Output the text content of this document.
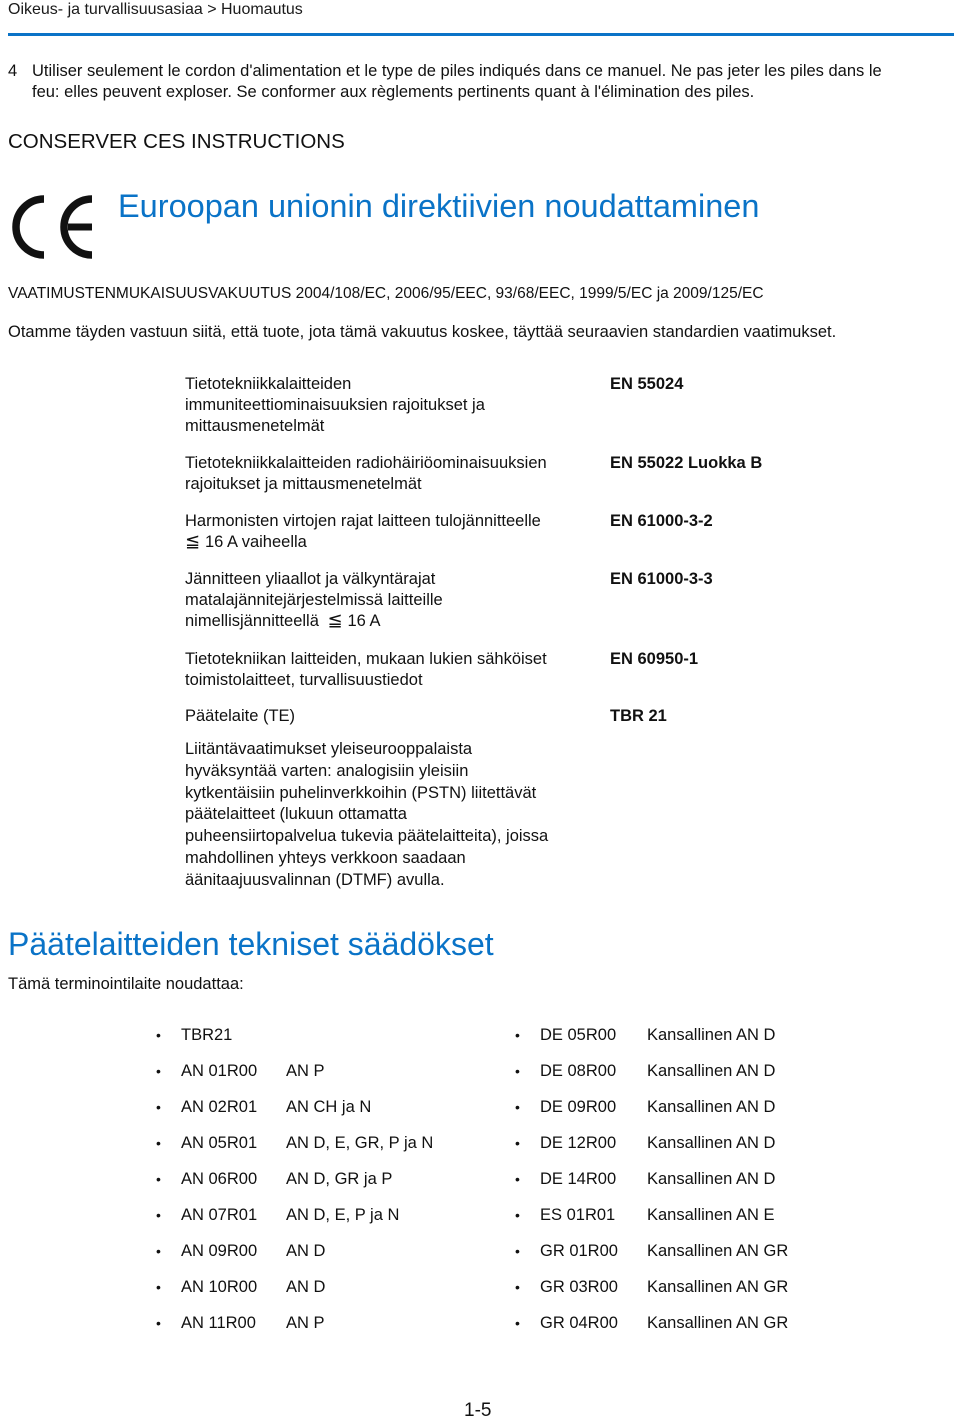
Oikeus- ja turvallisuusasiaa > Huomautus
4 Utiliser seulement le cordon d'alimentation et le type de piles indiqués dans ce manuel. Ne pas jeter les piles dans le
feu: elles peuvent exploser. Se conformer aux règlements pertinents quant à l'élimination des piles.
CONSERVER CES INSTRUCTIONS
Euroopan unionin direktiivien noudattaminen
VAATIMUSTENMUKAISUUSVAKUUTUS 2004/108/EC, 2006/95/EEC, 93/68/EEC, 1999/5/EC ja 2009/125/EC
Otamme täyden vastuun siitä, että tuote, jota tämä vakuutus koskee, täyttää seuraavien standardien vaatimukset.
Tietotekniikkalaitteiden
immuniteettiominaisuuksien rajoitukset ja
mittausmenetelmät
EN 55024
Tietotekniikkalaitteiden radiohäiriöominaisuuksien
rajoitukset ja mittausmenetelmät
EN 55022 Luokka B
Harmonisten virtojen rajat laitteen tulojännitteelle
≦ 16 A vaiheella
EN 61000-3-2
Jännitteen yliaallot ja välkyntärajat
matalajännitejärjestelmissä laitteille
nimellisjännitteellä ≦ 16 A
EN 61000-3-3
Tietotekniikan laitteiden, mukaan lukien sähköiset
toimistolaitteet, turvallisuustiedot
EN 60950-1
Päätelaite (TE)	TBR 21
Liitäntävaatimukset yleiseurooppalaista
hyväksyntää varten: analogisiin yleisiin
kytkentäisiin puhelinverkkoihin (PSTN) liitettävät
päätelaitteet (lukuun ottamatta
puheensiirtopalvelua tukevia päätelaitteita), joissa
mahdollinen yhteys verkkoon saadaan
äänitaajuusvalinnan (DTMF) avulla.
Päätelaitteiden tekniset säädökset
Tämä terminointilaite noudattaa:
• TBR21
• AN 01R00 AN P
• AN 02R01 AN CH ja N
• AN 05R01 AN D, E, GR, P ja N
• AN 06R00 AN D, GR ja P
• AN 07R01 AN D, E, P ja N
• AN 09R00 AN D
• AN 10R00 AN D
• AN 11R00 AN P
• DE 05R00 Kansallinen AN D
• DE 08R00 Kansallinen AN D
• DE 09R00 Kansallinen AN D
• DE 12R00 Kansallinen AN D
• DE 14R00 Kansallinen AN D
• ES 01R01 Kansallinen AN E
• GR 01R00 Kansallinen AN GR
• GR 03R00 Kansallinen AN GR
• GR 04R00 Kansallinen AN GR
1-5
